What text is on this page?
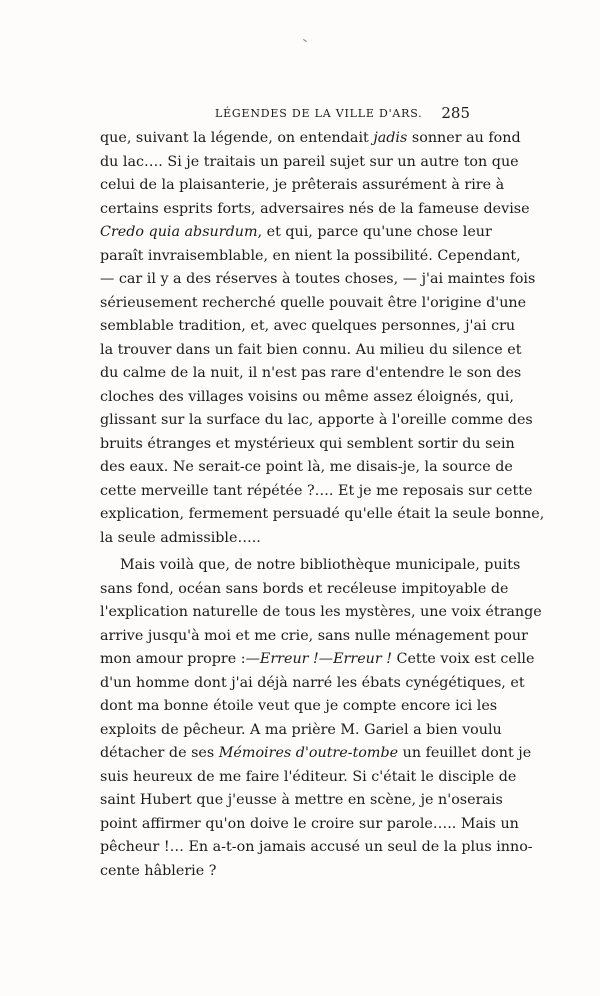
LÉGENDES DE LA VILLE D'ARS. 285
que, suivant la légende, on entendait jadis sonner au fond
du lac…. Si je traitais un pareil sujet sur un autre ton que
celui de la plaisanterie, je prêterais assurément à rire à
certains esprits forts, adversaires nés de la fameuse devise
Credo quia absurdum, et qui, parce qu'une chose leur
paraît invraisemblable, en nient la possibilité. Cependant,
— car il y a des réserves à toutes choses, — j'ai maintes fois
sérieusement recherché quelle pouvait être l'origine d'une
semblable tradition, et, avec quelques personnes, j'ai cru
la trouver dans un fait bien connu. Au milieu du silence et
du calme de la nuit, il n'est pas rare d'entendre le son des
cloches des villages voisins ou même assez éloignés, qui,
glissant sur la surface du lac, apporte à l'oreille comme des
bruits étranges et mystérieux qui semblent sortir du sein
des eaux. Ne serait-ce point là, me disais-je, la source de
cette merveille tant répétée ?…. Et je me reposais sur cette
explication, fermement persuadé qu'elle était la seule bonne,
la seule admissible…..
Mais voilà que, de notre bibliothèque municipale, puits
sans fond, océan sans bords et recéleuse impitoyable de
l'explication naturelle de tous les mystères, une voix étrange
arrive jusqu'à moi et me crie, sans nulle ménagement pour
mon amour propre :—Erreur !—Erreur ! Cette voix est celle
d'un homme dont j'ai déjà narré les ébats cynégétiques, et
dont ma bonne étoile veut que je compte encore ici les
exploits de pêcheur. A ma prière M. Gariel a bien voulu
détacher de ses Mémoires d'outre-tombe un feuillet dont je
suis heureux de me faire l'éditeur. Si c'était le disciple de
saint Hubert que j'eusse à mettre en scène, je n'oserais
point affirmer qu'on doive le croire sur parole….. Mais un
pêcheur !… En a-t-on jamais accusé un seul de la plus inno-
cente hâblerie ?
